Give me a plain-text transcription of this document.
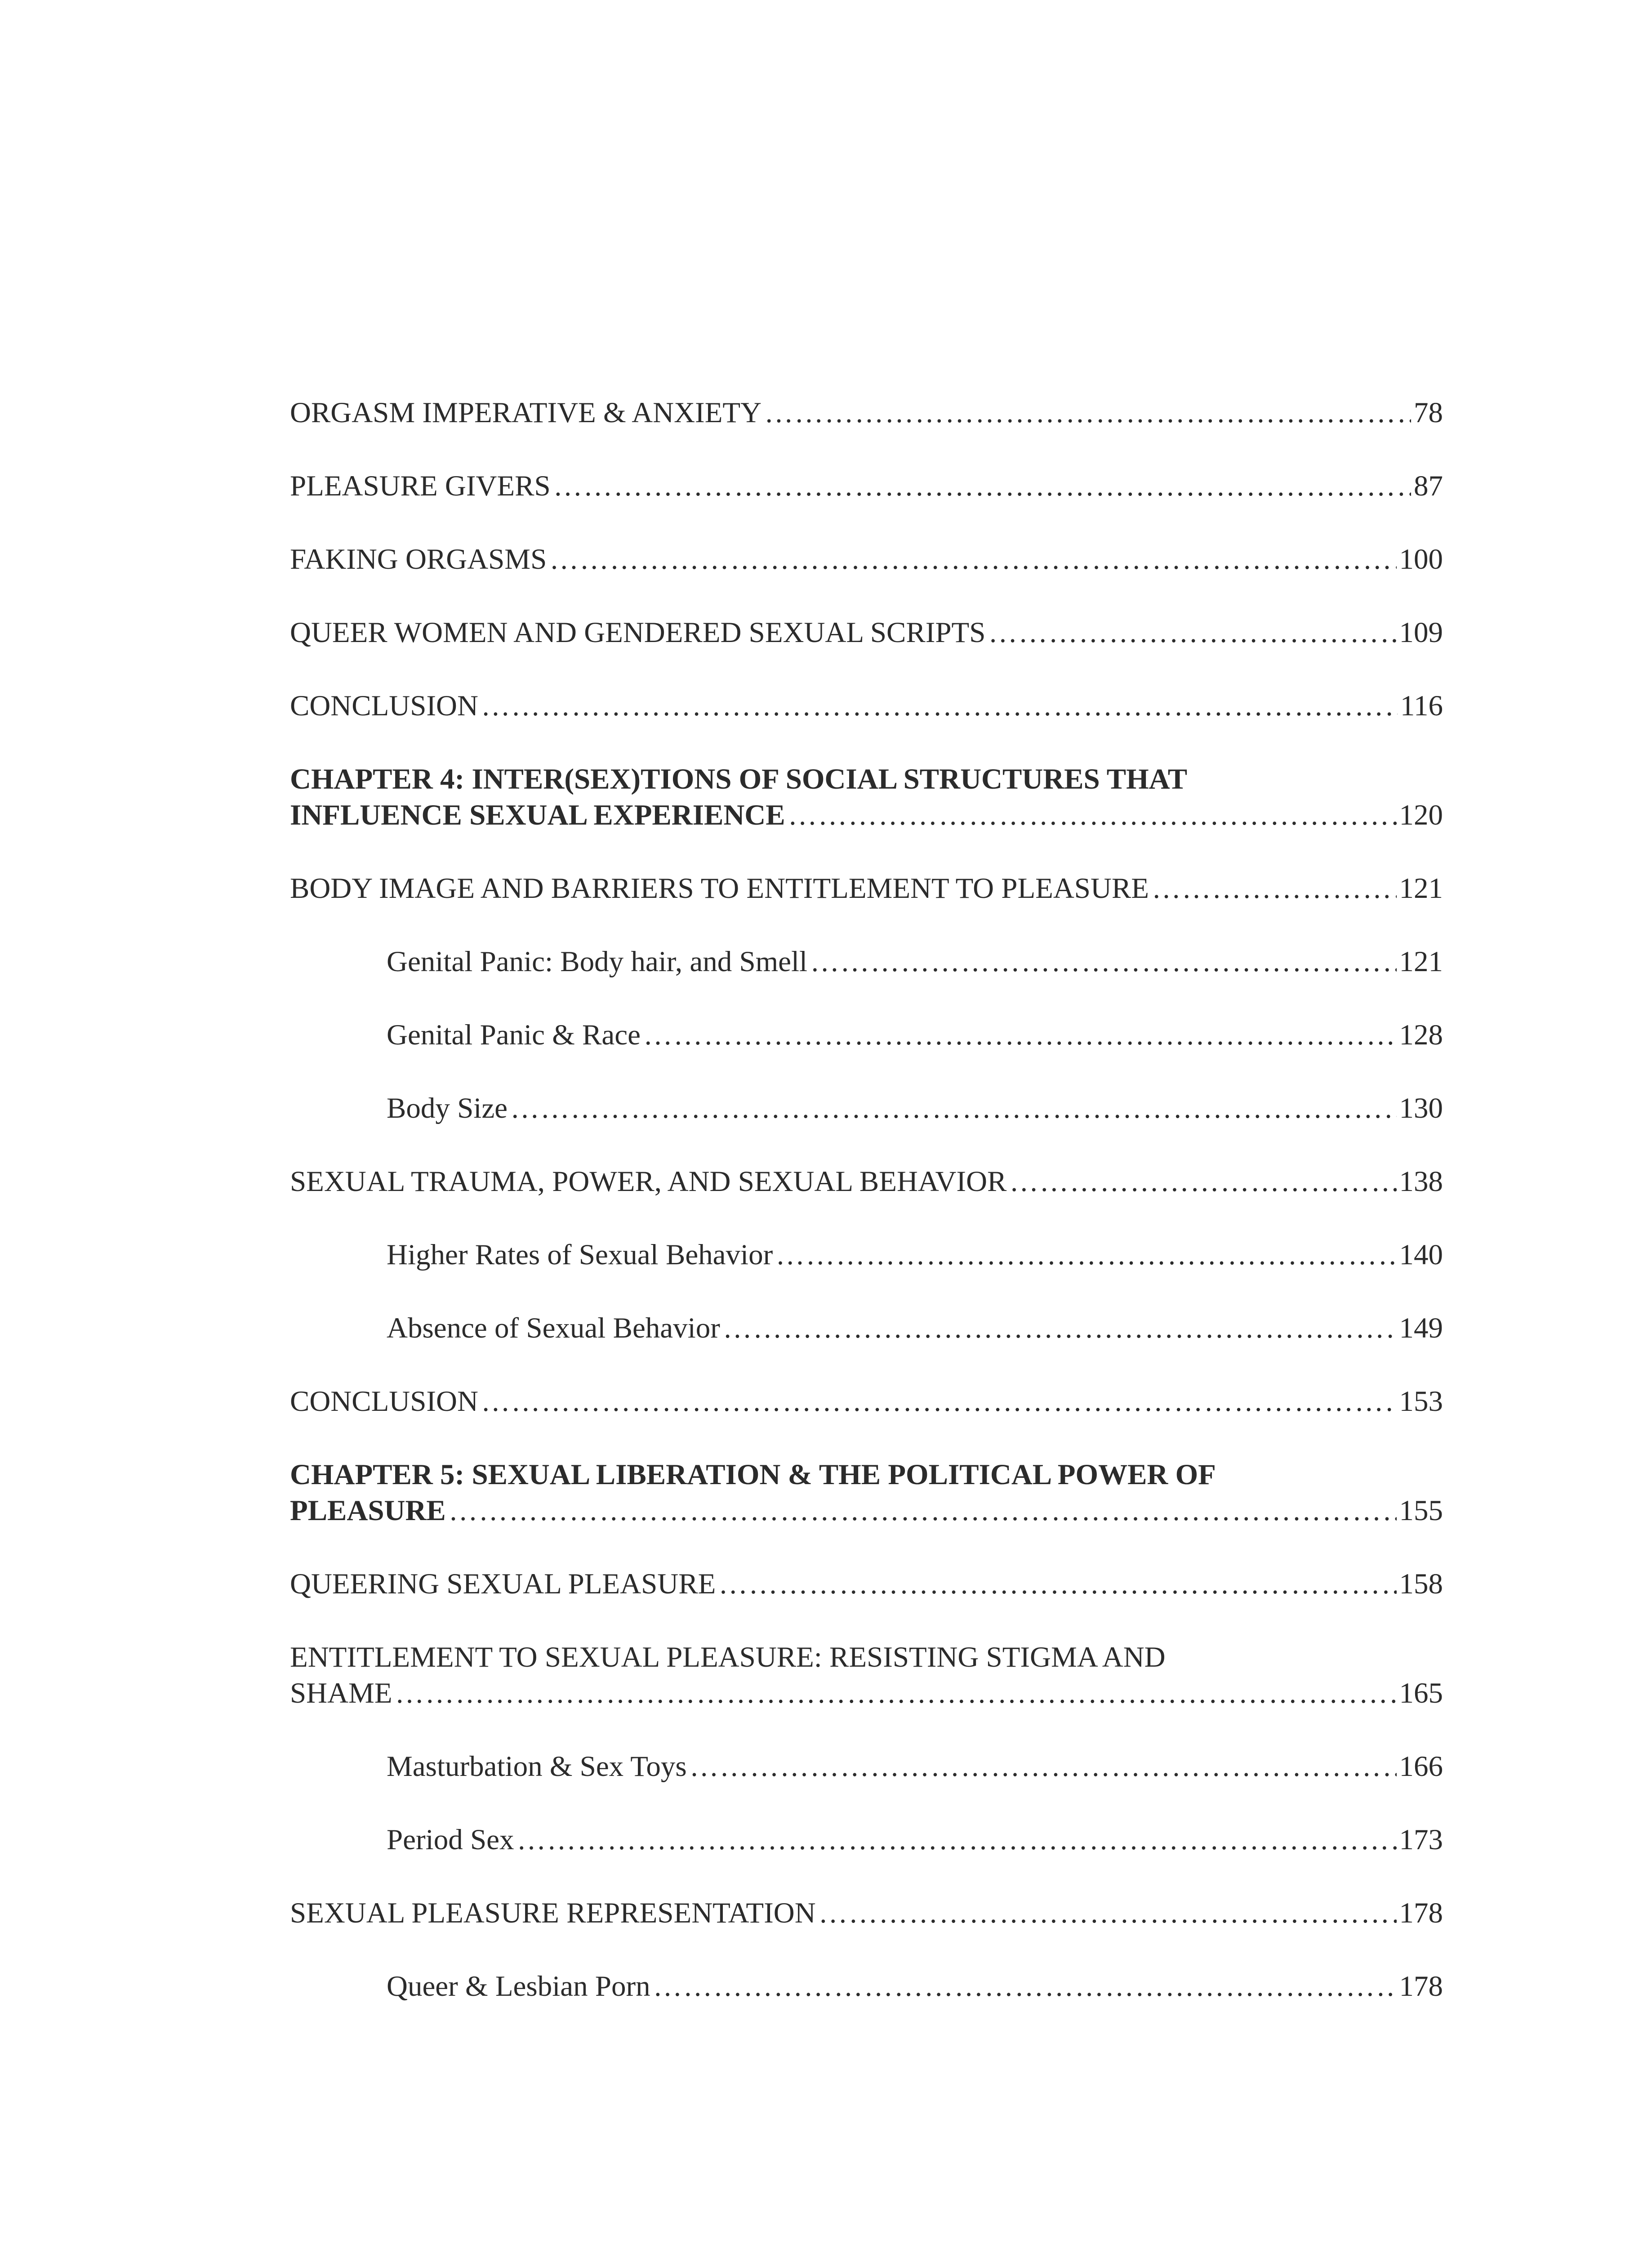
ORGASM IMPERATIVE & ANXIETY ……………………………………………………………………………………………………………………………………………………………………………………………………	78
PLEASURE GIVERS ……………………………………………………………………………………………………………………………………………………………………………………………………	87
FAKING ORGASMS ……………………………………………………………………………………………………………………………………………………………………………………………………	100
QUEER WOMEN AND GENDERED SEXUAL SCRIPTS ……………………………………………………………………………………………………………………………………………………………………………………………………	109
CONCLUSION ……………………………………………………………………………………………………………………………………………………………………………………………………	116
CHAPTER 4: INTER(SEX)TIONS OF SOCIAL STRUCTURES THAT
INFLUENCE SEXUAL EXPERIENCE ……………………………………………………………………………………………………………………………………………………………………………………………………	120
BODY IMAGE AND BARRIERS TO ENTITLEMENT TO PLEASURE ……………………………………………………………………………………………………………………………………………………………………………………………………	121
Genital Panic: Body hair, and Smell ……………………………………………………………………………………………………………………………………………………………………………………………………	121
Genital Panic & Race ……………………………………………………………………………………………………………………………………………………………………………………………………	128
Body Size ……………………………………………………………………………………………………………………………………………………………………………………………………	130
SEXUAL TRAUMA, POWER, AND SEXUAL BEHAVIOR ……………………………………………………………………………………………………………………………………………………………………………………………………	138
Higher Rates of Sexual Behavior ……………………………………………………………………………………………………………………………………………………………………………………………………	140
Absence of Sexual Behavior ……………………………………………………………………………………………………………………………………………………………………………………………………	149
CONCLUSION ……………………………………………………………………………………………………………………………………………………………………………………………………	153
CHAPTER 5: SEXUAL LIBERATION & THE POLITICAL POWER OF
PLEASURE ……………………………………………………………………………………………………………………………………………………………………………………………………	155
QUEERING SEXUAL PLEASURE ……………………………………………………………………………………………………………………………………………………………………………………………………	158
ENTITLEMENT TO SEXUAL PLEASURE: RESISTING STIGMA AND
SHAME ……………………………………………………………………………………………………………………………………………………………………………………………………	165
Masturbation & Sex Toys ……………………………………………………………………………………………………………………………………………………………………………………………………	166
Period Sex ……………………………………………………………………………………………………………………………………………………………………………………………………	173
SEXUAL PLEASURE REPRESENTATION ……………………………………………………………………………………………………………………………………………………………………………………………………	178
Queer & Lesbian Porn ……………………………………………………………………………………………………………………………………………………………………………………………………	178
